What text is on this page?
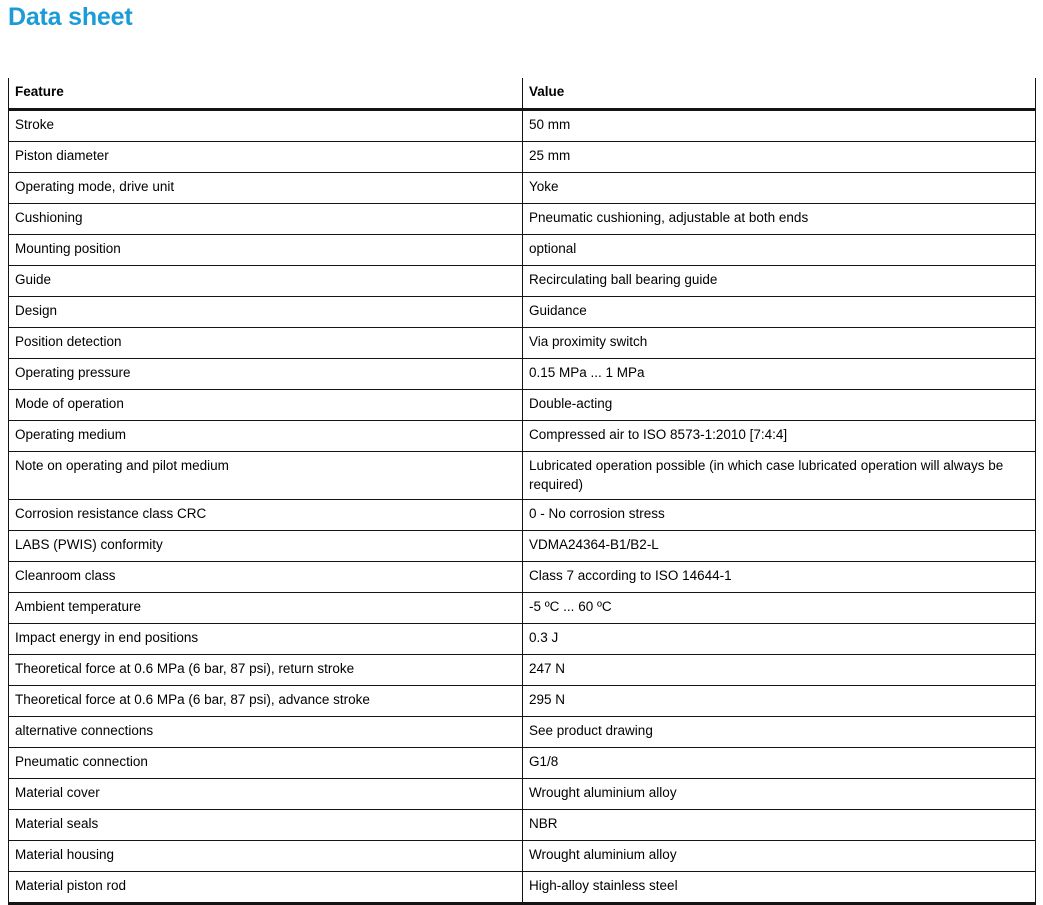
Data sheet
Feature	Value

Stroke	50 mm

Piston diameter	25 mm

Operating mode, drive unit	Yoke

Cushioning	Pneumatic cushioning, adjustable at both ends

Mounting position	optional

Guide	Recirculating ball bearing guide

Design	Guidance

Position detection	Via proximity switch

Operating pressure	0.15 MPa ... 1 MPa

Mode of operation	Double-acting

Operating medium	Compressed air to ISO 8573-1:2010 [7:4:4]

Note on operating and pilot medium	Lubricated operation possible (in which case lubricated operation will always be required)

Corrosion resistance class CRC	0 - No corrosion stress

LABS (PWIS) conformity	VDMA24364-B1/B2-L

Cleanroom class	Class 7 according to ISO 14644-1

Ambient temperature	-5 ºC ... 60 ºC

Impact energy in end positions	0.3 J

Theoretical force at 0.6 MPa (6 bar, 87 psi), return stroke	247 N

Theoretical force at 0.6 MPa (6 bar, 87 psi), advance stroke	295 N

alternative connections	See product drawing

Pneumatic connection	G1/8

Material cover	Wrought aluminium alloy

Material seals	NBR

Material housing	Wrought aluminium alloy

Material piston rod	High-alloy stainless steel
